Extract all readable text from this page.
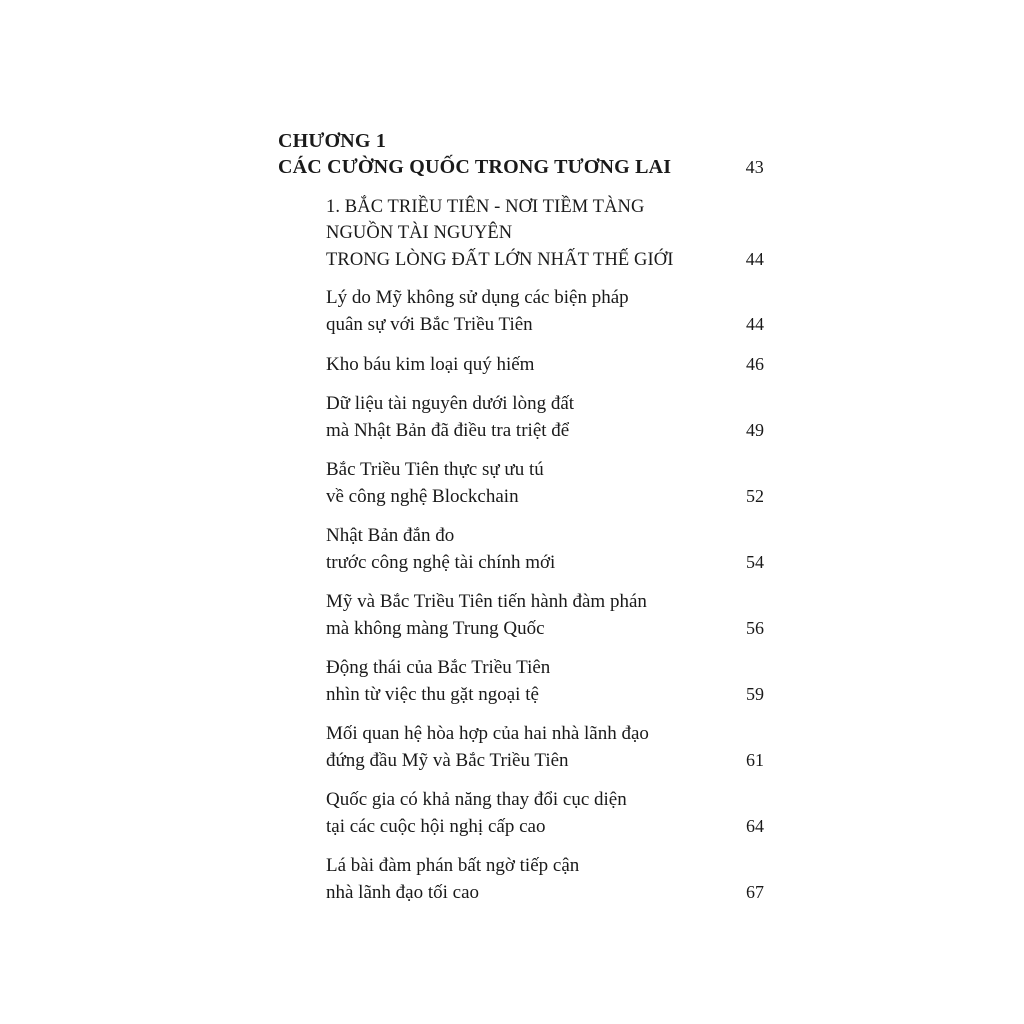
CHƯƠNG 1
CÁC CƯỜNG QUỐC TRONG TƯƠNG LAI	43
1. BẮC TRIỀU TIÊN - NƠI TIỀM TÀNG
NGUỒN TÀI NGUYÊN
TRONG LÒNG ĐẤT LỚN NHẤT THẾ GIỚI	44
Lý do Mỹ không sử dụng các biện pháp
quân sự với Bắc Triều Tiên	44
Kho báu kim loại quý hiếm	46
Dữ liệu tài nguyên dưới lòng đất
mà Nhật Bản đã điều tra triệt để	49
Bắc Triều Tiên thực sự ưu tú
về công nghệ Blockchain	52
Nhật Bản đắn đo
trước công nghệ tài chính mới	54
Mỹ và Bắc Triều Tiên tiến hành đàm phán
mà không màng Trung Quốc	56
Động thái của Bắc Triều Tiên
nhìn từ việc thu gặt ngoại tệ	59
Mối quan hệ hòa hợp của hai nhà lãnh đạo
đứng đầu Mỹ và Bắc Triều Tiên	61
Quốc gia có khả năng thay đổi cục diện
tại các cuộc hội nghị cấp cao	64
Lá bài đàm phán bất ngờ tiếp cận
nhà lãnh đạo tối cao	67
